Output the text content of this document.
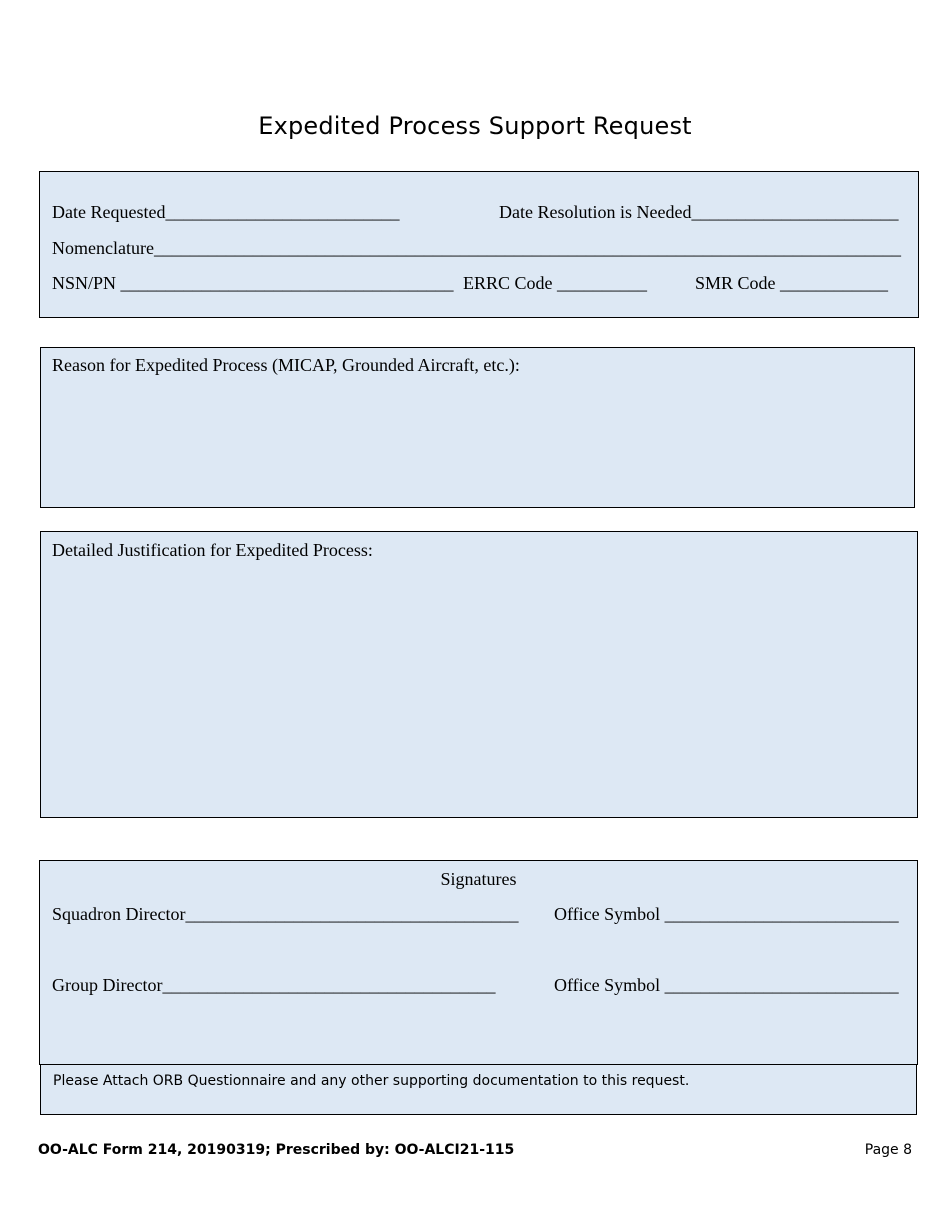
Expedited Process Support Request
Date Requested__________________________	Date Resolution is Needed_______________________
Nomenclature___________________________________________________________________________________
NSN/PN _____________________________________ ERRC Code __________	SMR Code ____________
Reason for Expedited Process (MICAP, Grounded Aircraft, etc.):
Detailed Justification for Expedited Process:
Signatures
Squadron Director_____________________________________ Office Symbol __________________________
Group Director_____________________________________	Office Symbol __________________________
Please Attach ORB Questionnaire and any other supporting documentation to this request.
OO-ALC Form 214, 20190319; Prescribed by: OO-ALCI21-115	Page 8
